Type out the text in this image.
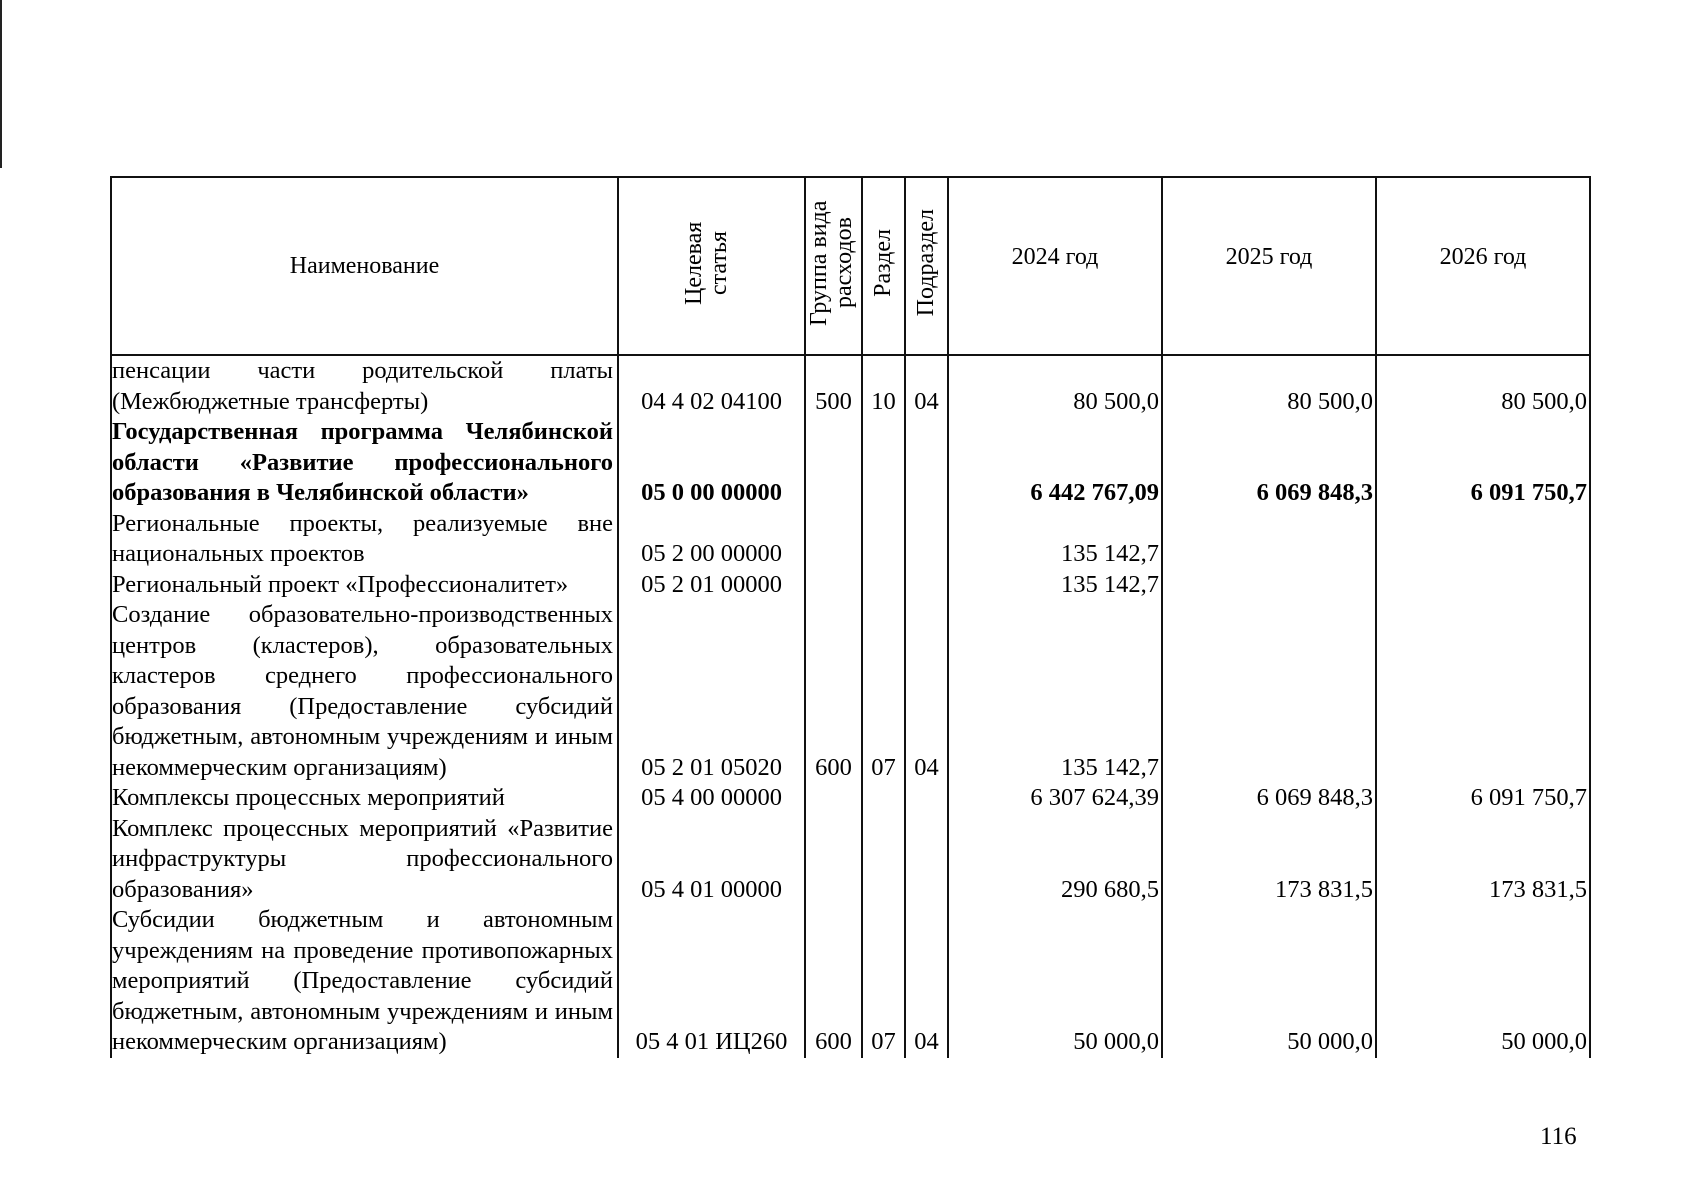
Наименование	Целевая статья	Группа вида расходов	Раздел	Подраздел	2024 год	2025 год	2026 год
пенсации части родительской платы (Межбюджетные трансферты)	04 4 02 04100	500	10	04	80 500,0	80 500,0	80 500,0
Государственная программа Челябинской области «Развитие профессионального образования в Челябинской области»	05 0 00 00000				6 442 767,09	6 069 848,3	6 091 750,7
Региональные проекты, реализуемые вне национальных проектов	05 2 00 00000				135 142,7		
Региональный проект «Профессионалитет»	05 2 01 00000				135 142,7		
Создание образовательно-производственных центров (кластеров), образовательных кластеров среднего профессионального образования (Предоставление субсидий бюджетным, автономным учреждениям и иным некоммерческим организациям)	05 2 01 05020	600	07	04	135 142,7		
Комплексы процессных мероприятий	05 4 00 00000				6 307 624,39	6 069 848,3	6 091 750,7
Комплекс процессных мероприятий «Развитие инфраструктуры профессионального образования»	05 4 01 00000				290 680,5	173 831,5	173 831,5
Субсидии бюджетным и автономным учреждениям на проведение противопожарных мероприятий (Предоставление субсидий бюджетным, автономным учреждениям и иным некоммерческим организациям)	05 4 01 ИЦ260	600	07	04	50 000,0	50 000,0	50 000,0
116
